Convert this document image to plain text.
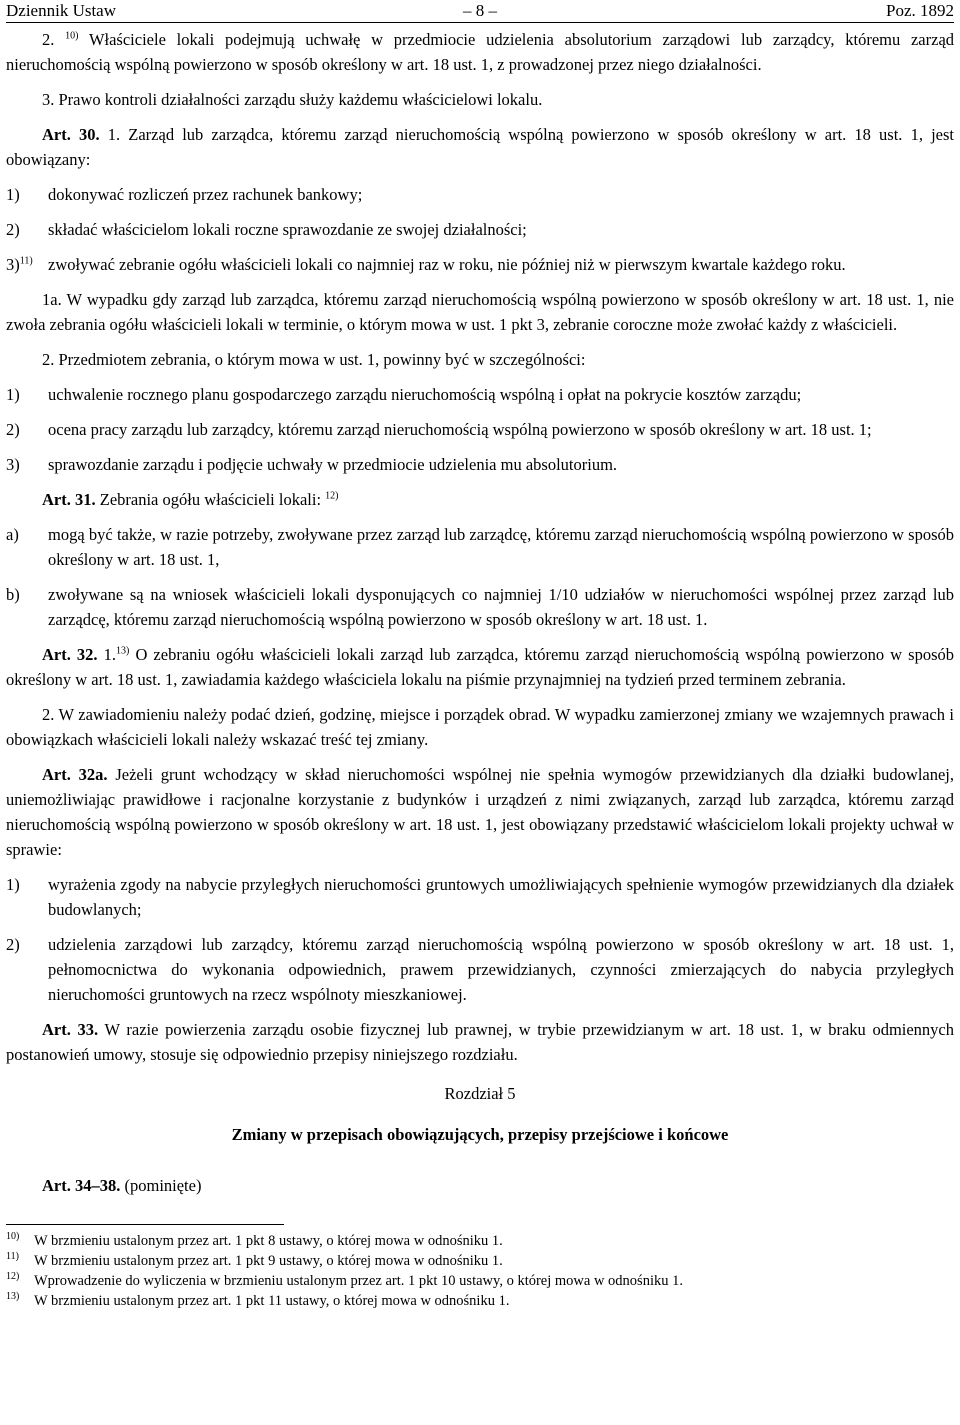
Dziennik Ustaw	– 8 –	Poz. 1892

2. $^{10)}$ Właściciele lokali podejmują uchwałę w przedmiocie udzielenia absolutorium zarządowi lub zarządcy, któremu zarząd nieruchomością wspólną powierzono w sposób określony w art. 18 ust. 1, z prowadzonej przez niego działalności.

3. Prawo kontroli działalności zarządu służy każdemu właścicielowi lokalu.

Art. 30. 1. Zarząd lub zarządca, któremu zarząd nieruchomością wspólną powierzono w sposób określony w art. 18 ust. 1, jest obowiązany:

1)	dokonywać rozliczeń przez rachunek bankowy;
2)	składać właścicielom lokali roczne sprawozdanie ze swojej działalności;
3)$^{11)}$ zwoływać zebranie ogółu właścicieli lokali co najmniej raz w roku, nie później niż w pierwszym kwartale każdego roku.

1a. W wypadku gdy zarząd lub zarządca, któremu zarząd nieruchomością wspólną powierzono w sposób określony w art. 18 ust. 1, nie zwoła zebrania ogółu właścicieli lokali w terminie, o którym mowa w ust. 1 pkt 3, zebranie coroczne może zwołać każdy z właścicieli.

2. Przedmiotem zebrania, o którym mowa w ust. 1, powinny być w szczególności:

1)	uchwalenie rocznego planu gospodarczego zarządu nieruchomością wspólną i opłat na pokrycie kosztów zarządu;
2)	ocena pracy zarządu lub zarządcy, któremu zarząd nieruchomością wspólną powierzono w sposób określony w art. 18 ust. 1;
3)	sprawozdanie zarządu i podjęcie uchwały w przedmiocie udzielenia mu absolutorium.

Art. 31. Zebrania ogółu właścicieli lokali: $^{12)}$

a)	mogą być także, w razie potrzeby, zwoływane przez zarząd lub zarządcę, któremu zarząd nieruchomością wspólną powierzono w sposób określony w art. 18 ust. 1,
b)	zwoływane są na wniosek właścicieli lokali dysponujących co najmniej 1/10 udziałów w nieruchomości wspólnej przez zarząd lub zarządcę, któremu zarząd nieruchomością wspólną powierzono w sposób określony w art. 18 ust. 1.

Art. 32. 1.$^{13)}$ O zebraniu ogółu właścicieli lokali zarząd lub zarządca, któremu zarząd nieruchomością wspólną powierzono w sposób określony w art. 18 ust. 1, zawiadamia każdego właściciela lokalu na piśmie przynajmniej na tydzień przed terminem zebrania.

2. W zawiadomieniu należy podać dzień, godzinę, miejsce i porządek obrad. W wypadku zamierzonej zmiany we wzajemnych prawach i obowiązkach właścicieli lokali należy wskazać treść tej zmiany.

Art. 32a. Jeżeli grunt wchodzący w skład nieruchomości wspólnej nie spełnia wymogów przewidzianych dla działki budowlanej, uniemożliwiając prawidłowe i racjonalne korzystanie z budynków i urządzeń z nimi związanych, zarząd lub zarządca, któremu zarząd nieruchomością wspólną powierzono w sposób określony w art. 18 ust. 1, jest obowiązany przedstawić właścicielom lokali projekty uchwał w sprawie:

1)	wyrażenia zgody na nabycie przyległych nieruchomości gruntowych umożliwiających spełnienie wymogów przewidzianych dla działek budowlanych;
2)	udzielenia zarządowi lub zarządcy, któremu zarząd nieruchomością wspólną powierzono w sposób określony w art. 18 ust. 1, pełnomocnictwa do wykonania odpowiednich, prawem przewidzianych, czynności zmierzających do nabycia przyległych nieruchomości gruntowych na rzecz wspólnoty mieszkaniowej.

Art. 33. W razie powierzenia zarządu osobie fizycznej lub prawnej, w trybie przewidzianym w art. 18 ust. 1, w braku odmiennych postanowień umowy, stosuje się odpowiednio przepisy niniejszego rozdziału.

Rozdział 5

Zmiany w przepisach obowiązujących, przepisy przejściowe i końcowe

Art. 34–38. (pominięte)

10)	W brzmieniu ustalonym przez art. 1 pkt 8 ustawy, o której mowa w odnośniku 1.
11)	W brzmieniu ustalonym przez art. 1 pkt 9 ustawy, o której mowa w odnośniku 1.
12)	Wprowadzenie do wyliczenia w brzmieniu ustalonym przez art. 1 pkt 10 ustawy, o której mowa w odnośniku 1.
13)	W brzmieniu ustalonym przez art. 1 pkt 11 ustawy, o której mowa w odnośniku 1.
